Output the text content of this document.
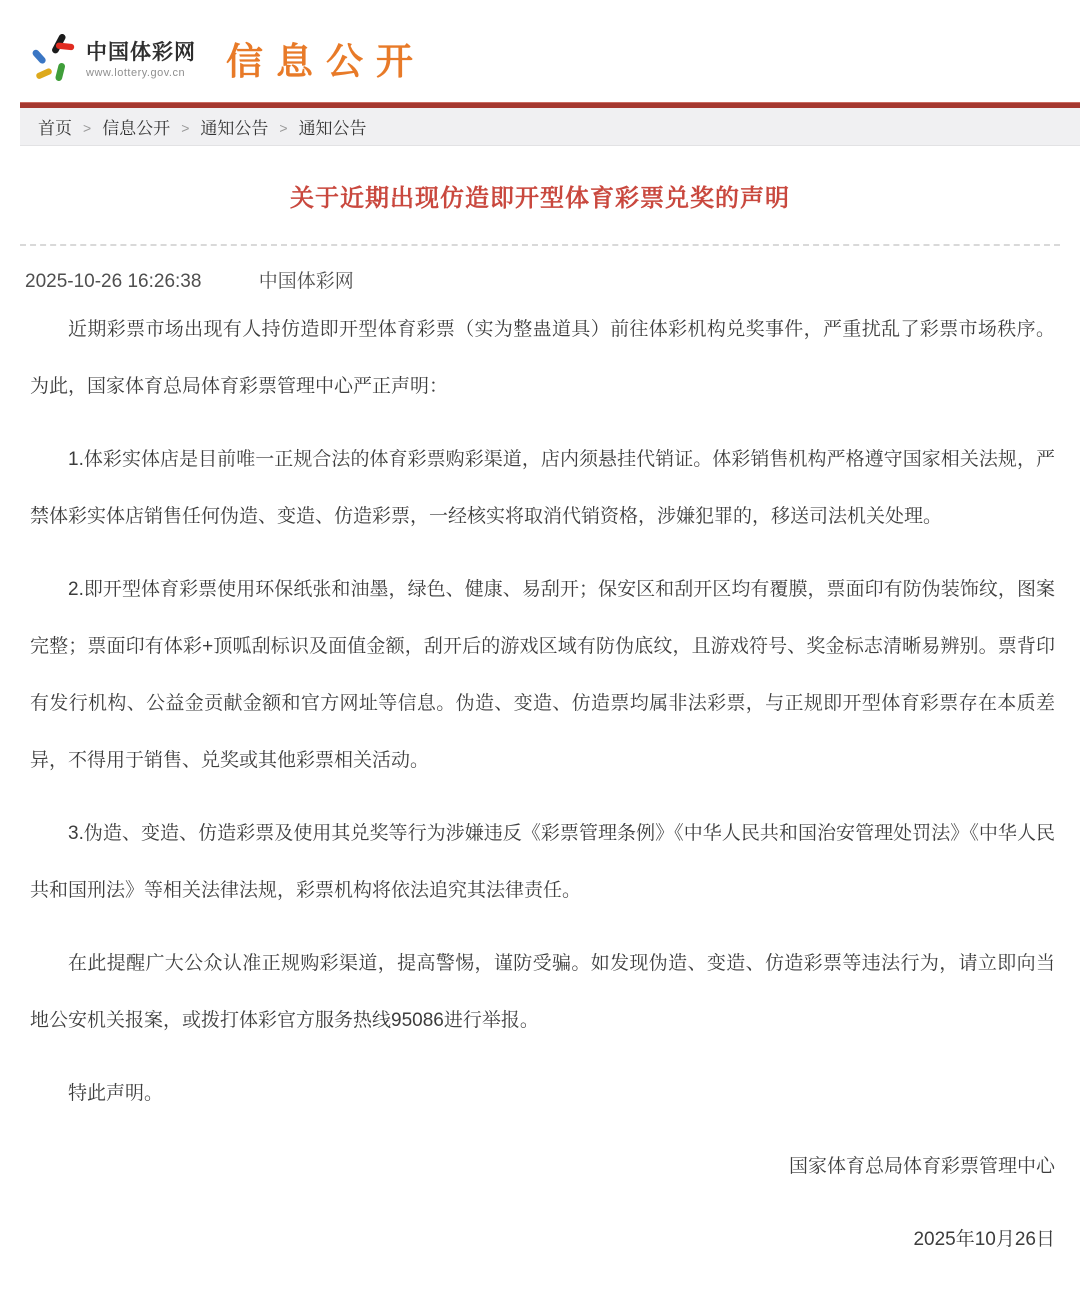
中国体彩网
www.lottery.gov.cn 信息公开
首页 > 信息公开 > 通知公告 > 通知公告
关于近期出现仿造即开型体育彩票兑奖的声明
2025-10-26 16:26:38	中国体彩网

近期彩票市场出现有人持仿造即开型体育彩票（实为整蛊道具）前往体彩机构兑奖事件，严重扰乱了彩票市场秩序。为此，国家体育总局体育彩票管理中心严正声明：

1.体彩实体店是目前唯一正规合法的体育彩票购彩渠道，店内须悬挂代销证。体彩销售机构严格遵守国家相关法规，严禁体彩实体店销售任何伪造、变造、仿造彩票，一经核实将取消代销资格，涉嫌犯罪的，移送司法机关处理。

2.即开型体育彩票使用环保纸张和油墨，绿色、健康、易刮开；保安区和刮开区均有覆膜，票面印有防伪装饰纹，图案完整；票面印有体彩+顶呱刮标识及面值金额，刮开后的游戏区域有防伪底纹，且游戏符号、奖金标志清晰易辨别。票背印有发行机构、公益金贡献金额和官方网址等信息。伪造、变造、仿造票均属非法彩票，与正规即开型体育彩票存在本质差异，不得用于销售、兑奖或其他彩票相关活动。

3.伪造、变造、仿造彩票及使用其兑奖等行为涉嫌违反《彩票管理条例》《中华人民共和国治安管理处罚法》《中华人民共和国刑法》等相关法律法规，彩票机构将依法追究其法律责任。

在此提醒广大公众认准正规购彩渠道，提高警惕，谨防受骗。如发现伪造、变造、仿造彩票等违法行为，请立即向当地公安机关报案，或拨打体彩官方服务热线95086进行举报。

特此声明。

国家体育总局体育彩票管理中心

2025年10月26日
